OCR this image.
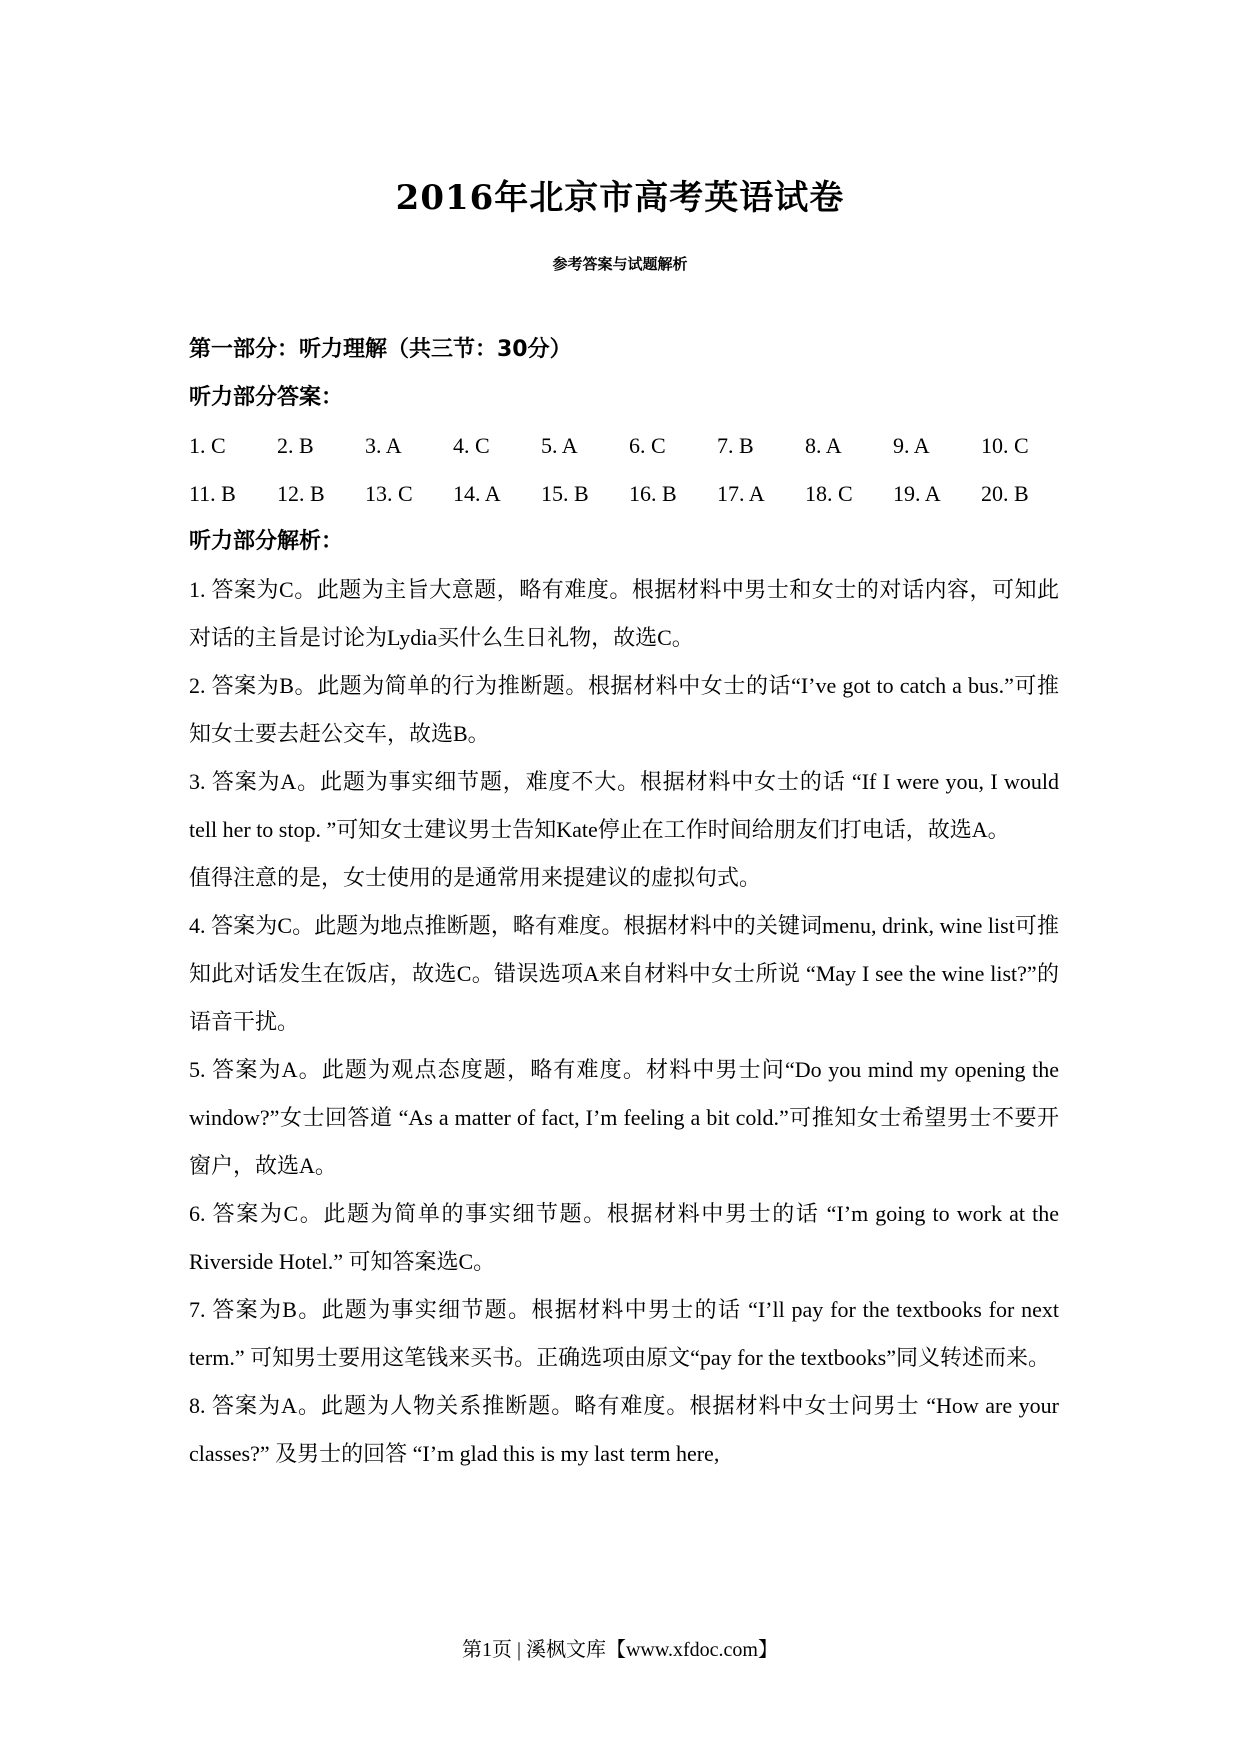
2016年北京市高考英语试卷
参考答案与试题解析
第一部分：听力理解（共三节：30分）
听力部分答案：
1. C	2. B	3. A	4. C	5. A	6. C	7. B	8. A	9. A	10. C
11. B	12. B	13. C	14. A	15. B	16. B	17. A	18. C	19. A	20. B
听力部分解析：
1. 答案为C。此题为主旨大意题，略有难度。根据材料中男士和女士的对话内容，可知此对话的主旨是讨论为Lydia买什么生日礼物，故选C。
2. 答案为B。此题为简单的行为推断题。根据材料中女士的话“I’ve got to catch a bus.”可推知女士要去赶公交车，故选B。
3. 答案为A。此题为事实细节题，难度不大。根据材料中女士的话 “If I were you, I would tell her to stop. ”可知女士建议男士告知Kate停止在工作时间给朋友们打电话，故选A。
值得注意的是，女士使用的是通常用来提建议的虚拟句式。
4. 答案为C。此题为地点推断题，略有难度。根据材料中的关键词menu, drink, wine list可推知此对话发生在饭店，故选C。错误选项A来自材料中女士所说 “May I see the wine list?”的语音干扰。
5. 答案为A。此题为观点态度题，略有难度。材料中男士问“Do you mind my opening the window?”女士回答道 “As a matter of fact, I’m feeling a bit cold.”可推知女士希望男士不要开窗户，故选A。
6. 答案为C。此题为简单的事实细节题。根据材料中男士的话 “I’m going to work at the Riverside Hotel.” 可知答案选C。
7. 答案为B。此题为事实细节题。根据材料中男士的话 “I’ll pay for the textbooks for next term.” 可知男士要用这笔钱来买书。正确选项由原文“pay for the textbooks”同义转述而来。
8. 答案为A。此题为人物关系推断题。略有难度。根据材料中女士问男士 “How are your classes?” 及男士的回答 “I’m glad this is my last term here,
第1页 | 溪枫文库【www.xfdoc.com】
